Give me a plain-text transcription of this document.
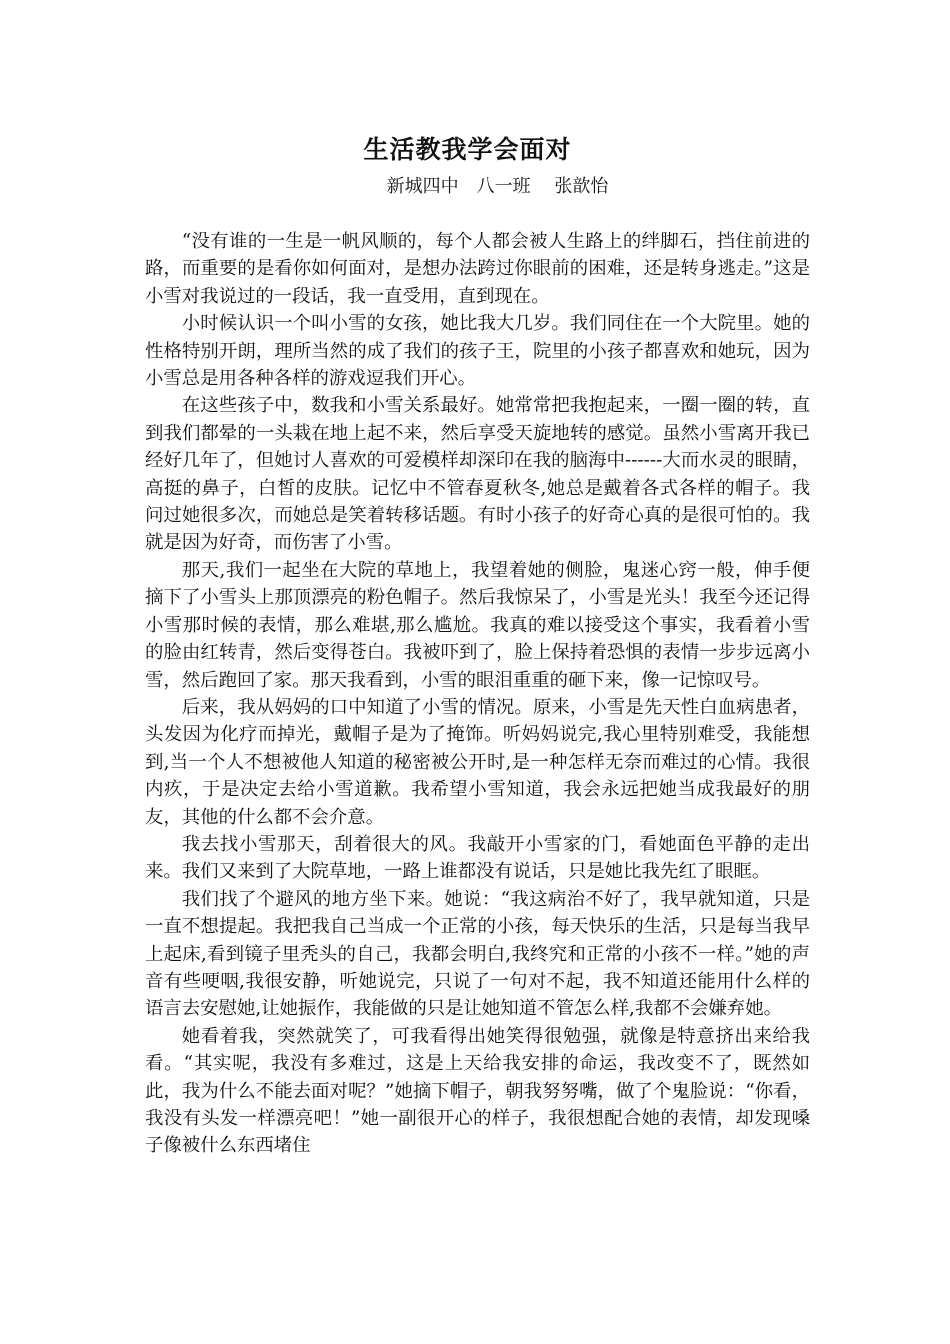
生活教我学会面对
新城四中　八一班　 张歆怡

“没有谁的一生是一帆风顺的，每个人都会被人生路上的绊脚石，挡住前进的路，而重要的是看你如何面对，是想办法跨过你眼前的困难，还是转身逃走。”这是小雪对我说过的一段话，我一直受用，直到现在。

小时候认识一个叫小雪的女孩，她比我大几岁。我们同住在一个大院里。她的性格特别开朗，理所当然的成了我们的孩子王，院里的小孩子都喜欢和她玩，因为小雪总是用各种各样的游戏逗我们开心。

在这些孩子中，数我和小雪关系最好。她常常把我抱起来，一圈一圈的转，直到我们都晕的一头栽在地上起不来，然后享受天旋地转的感觉。虽然小雪离开我已经好几年了，但她讨人喜欢的可爱模样却深印在我的脑海中------大而水灵的眼睛，高挺的鼻子，白皙的皮肤。记忆中不管春夏秋冬,她总是戴着各式各样的帽子。我问过她很多次，而她总是笑着转移话题。有时小孩子的好奇心真的是很可怕的。我就是因为好奇，而伤害了小雪。

那天,我们一起坐在大院的草地上，我望着她的侧脸，鬼迷心窍一般，伸手便摘下了小雪头上那顶漂亮的粉色帽子。然后我惊呆了，小雪是光头！我至今还记得小雪那时候的表情，那么难堪,那么尴尬。我真的难以接受这个事实，我看着小雪的脸由红转青，然后变得苍白。我被吓到了，脸上保持着恐惧的表情一步步远离小雪，然后跑回了家。那天我看到，小雪的眼泪重重的砸下来，像一记惊叹号。

后来，我从妈妈的口中知道了小雪的情况。原来，小雪是先天性白血病患者，头发因为化疗而掉光，戴帽子是为了掩饰。听妈妈说完,我心里特别难受，我能想到,当一个人不想被他人知道的秘密被公开时,是一种怎样无奈而难过的心情。我很内疚，于是决定去给小雪道歉。我希望小雪知道，我会永远把她当成我最好的朋友，其他的什么都不会介意。

我去找小雪那天，刮着很大的风。我敲开小雪家的门，看她面色平静的走出来。我们又来到了大院草地，一路上谁都没有说话，只是她比我先红了眼眶。

我们找了个避风的地方坐下来。她说：“我这病治不好了，我早就知道，只是一直不想提起。我把我自己当成一个正常的小孩，每天快乐的生活，只是每当我早上起床,看到镜子里秃头的自己，我都会明白,我终究和正常的小孩不一样。”她的声音有些哽咽,我很安静，听她说完，只说了一句对不起，我不知道还能用什么样的语言去安慰她,让她振作，我能做的只是让她知道不管怎么样,我都不会嫌弃她。

她看着我，突然就笑了，可我看得出她笑得很勉强，就像是特意挤出来给我看。“其实呢，我没有多难过，这是上天给我安排的命运，我改变不了，既然如此，我为什么不能去面对呢？”她摘下帽子，朝我努努嘴，做了个鬼脸说：“你看，我没有头发一样漂亮吧！”她一副很开心的样子，我很想配合她的表情，却发现嗓子像被什么东西堵住
